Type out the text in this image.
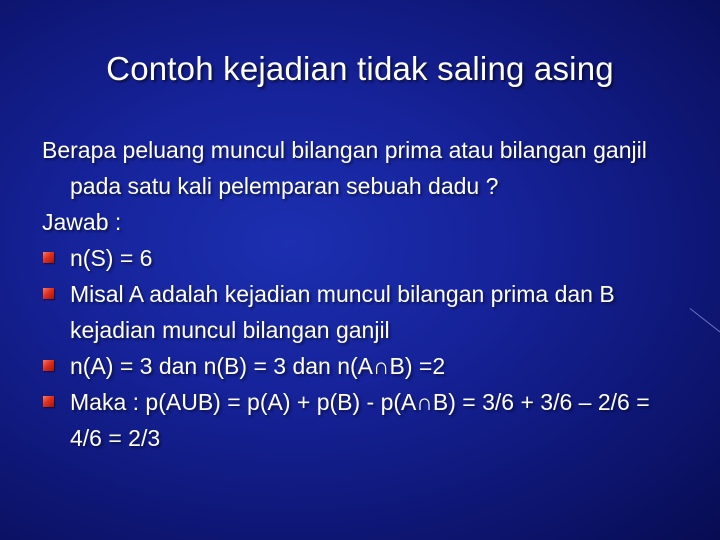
Contoh kejadian tidak saling asing

Berapa peluang muncul bilangan prima atau bilangan ganjil pada satu kali pelemparan sebuah dadu ?

Jawab :

n(S) = 6
Misal A adalah kejadian muncul bilangan prima dan B kejadian muncul bilangan ganjil
n(A) = 3 dan n(B) = 3 dan n(A∩B) =2
Maka : p(AUB) = p(A) + p(B) - p(A∩B) = 3/6 + 3/6 – 2/6 = 4/6 = 2/3
